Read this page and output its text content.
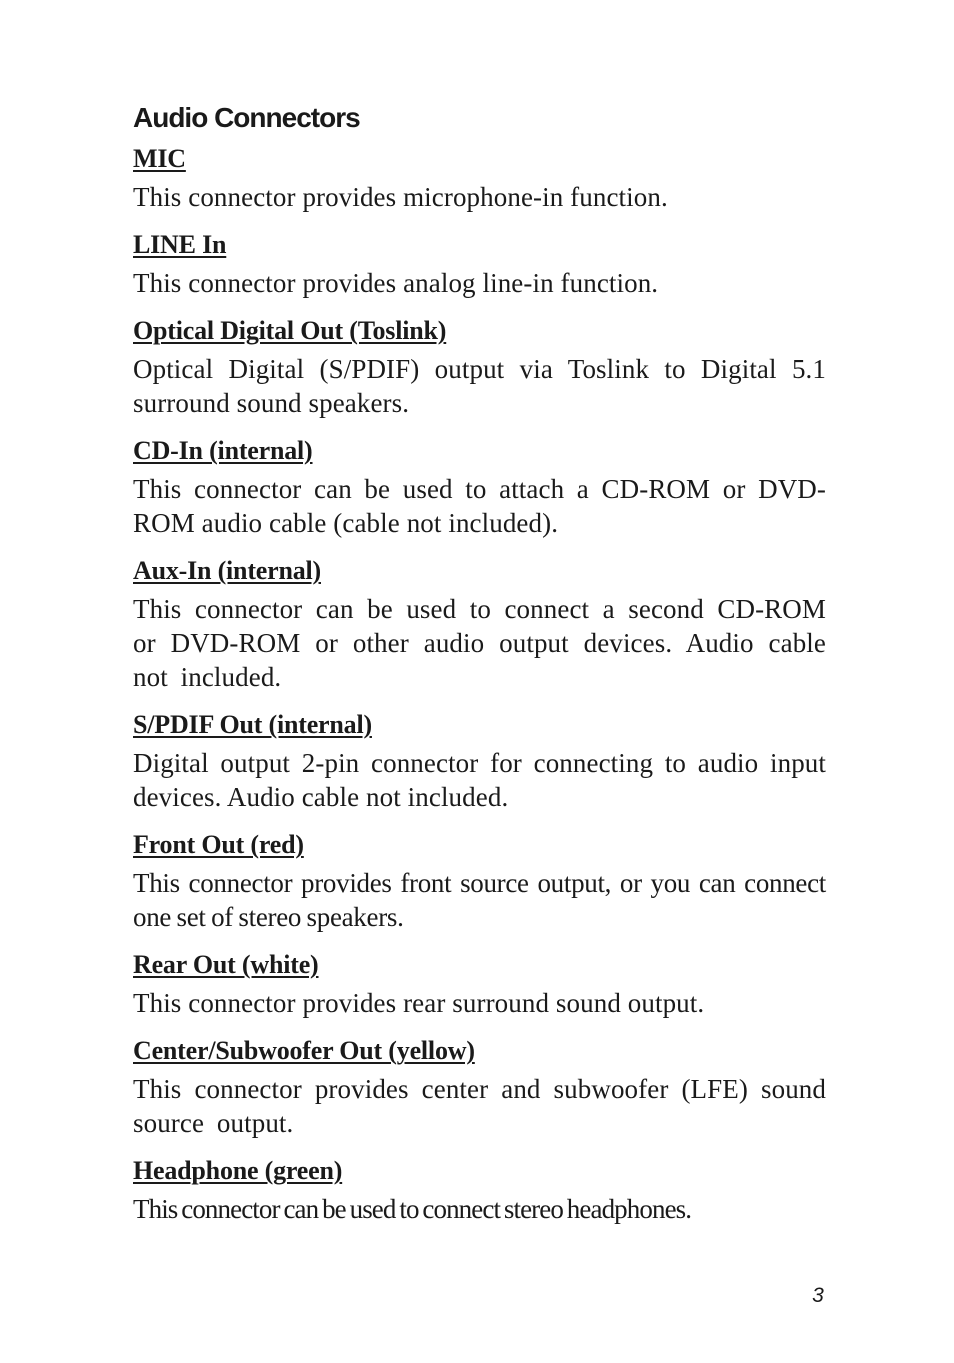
Audio Connectors
MIC
This connector provides microphone-in function.
LINE In
This connector provides analog line-in function.
Optical Digital Out (Toslink)
Optical Digital (S/PDIF) output via Toslink to Digital 5.1 surround sound speakers.
CD-In (internal)
This connector can be used to attach a CD-ROM or DVD-ROM audio cable (cable not included).
Aux-In (internal)
This connector can be used to connect a second CD-ROM or DVD-ROM or other audio output devices. Audio cable not included.
S/PDIF Out (internal)
Digital output 2-pin connector for connecting to audio input devices. Audio cable not included.
Front Out (red)
This connector provides front source output, or you can connect one set of stereo speakers.
Rear Out (white)
This connector provides rear surround sound output.
Center/Subwoofer Out (yellow)
This connector provides center and subwoofer (LFE) sound source output.
Headphone (green)
This connector can be used to connect stereo headphones.
3
